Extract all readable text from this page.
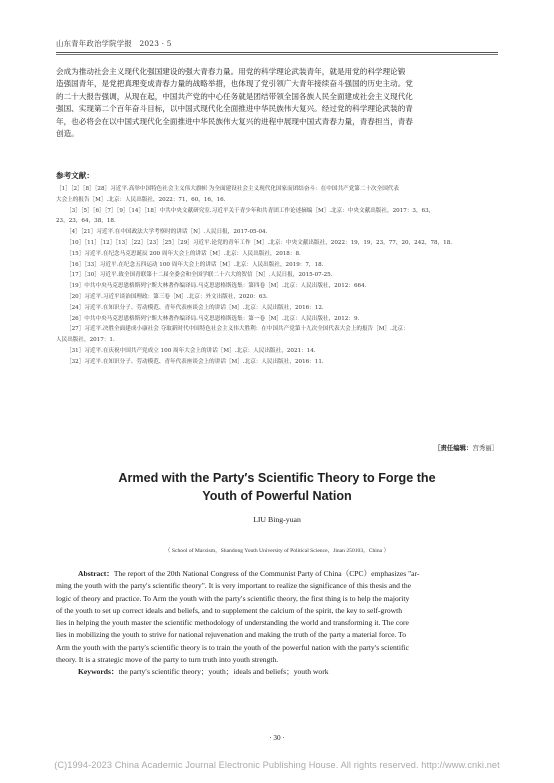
山东青年政治学院学报　2023 · 5
会成为推动社会主义现代化强国建设的强大青春力量。用党的科学理论武装青年，就是用党的科学理论锻
造强国青年，是党把真理变成青春力量的战略举措，也体现了党引领广大青年接续奋斗强国的历史主动。党
的二十大报告强调，从现在起，中国共产党的中心任务就是团结带领全国各族人民全面建成社会主义现代化
强国、实现第二个百年奋斗目标，以中国式现代化全面推进中华民族伟大复兴。经过党的科学理论武装的青
年，也必将会在以中国式现代化全面推进中华民族伟大复兴的进程中展现中国式青春力量，青春担当，青春
创造。
参考文献：
［1］［2］［8］［28］习近平.高举中国特色社会主义伟大旗帜 为全面建设社会主义现代化国家而团结奋斗：在中国共产党第二十次全国代表
大会上的报告［M］.北京：人民出版社，2022：71，60，16，16.
［3］［5］［6］［7］［9］［14］［18］中共中央文献研究室.习近平关于青少年和共青团工作论述摘编［M］.北京：中央文献出版社，2017：3，63，
23，23，64，38，18.
［4］［21］习近平.在中国政法大学考察时的讲话［N］.人民日报，2017-05-04.
［10］［11］［12］［13］［22］［23］［25］［29］习近平.论党的青年工作［M］.北京：中央文献出版社，2022：19，19，23，77，20，242，78，18.
［15］习近平.在纪念马克思诞辰 200 周年大会上的讲话［M］.北京：人民出版社，2018：8.
［16］［33］习近平.在纪念五四运动 100 周年大会上的讲话［M］.北京：人民出版社，2019：7，18.
［17］［30］习近平.致全国青联第十二届全委会和全国学联二十六大的贺信［N］.人民日报，2015-07-25.
［19］中共中央马克思恩格斯列宁斯大林著作编译局.马克思恩格斯选集：第四卷［M］.北京：人民出版社，2012：664.
［20］习近平.习近平谈治国理政：第三卷［M］.北京：外文出版社，2020：63.
［24］习近平.在知识分子、劳动模范、青年代表座谈会上的讲话［M］.北京：人民出版社，2016：12.
［26］中共中央马克思恩格斯列宁斯大林著作编译局.马克思恩格斯选集：第一卷［M］.北京：人民出版社，2012：9.
［27］习近平.决胜全面建成小康社会 夺取新时代中国特色社会主义伟大胜利：在中国共产党第十九次全国代表大会上的报告［M］.北京：
人民出版社，2017：1.
［31］习近平.在庆祝中国共产党成立 100 周年大会上的讲话［M］.北京：人民出版社，2021：14.
［32］习近平.在知识分子、劳动模范、青年代表座谈会上的讲话［M］.北京：人民出版社，2016：11.
［责任编辑：宫秀丽］
Armed with the Party′s Scientific Theory to Forge the
Youth of Powerful Nation
LIU Bing-yuan
（ School of Marxism，Shandong Youth University of Political Science，Jinan 250103，China ）
Abstract：The report of the 20th National Congress of the Communist Party of China（CPC）emphasizes "ar-
ming the youth with the party′s scientific theory". It is very important to realize the significance of this thesis and the
logic of theory and practice. To Arm the youth with the party′s scientific theory, the first thing is to help the majority
of the youth to set up correct ideals and beliefs, and to supplement the calcium of the spirit, the key to self-growth
lies in helping the youth master the scientific methodology of understanding the world and transforming it. The core
lies in mobilizing the youth to strive for national rejuvenation and making the truth of the party a material force. To
Arm the youth with the party′s scientific theory is to train the youth of the powerful nation with the party′s scientific
theory. It is a strategic move of the party to turn truth into youth strength.
Keywords：the party′s scientific theory；youth；ideals and beliefs；youth work
· 30 ·
(C)1994-2023 China Academic Journal Electronic Publishing House. All rights reserved. http://www.cnki.net
